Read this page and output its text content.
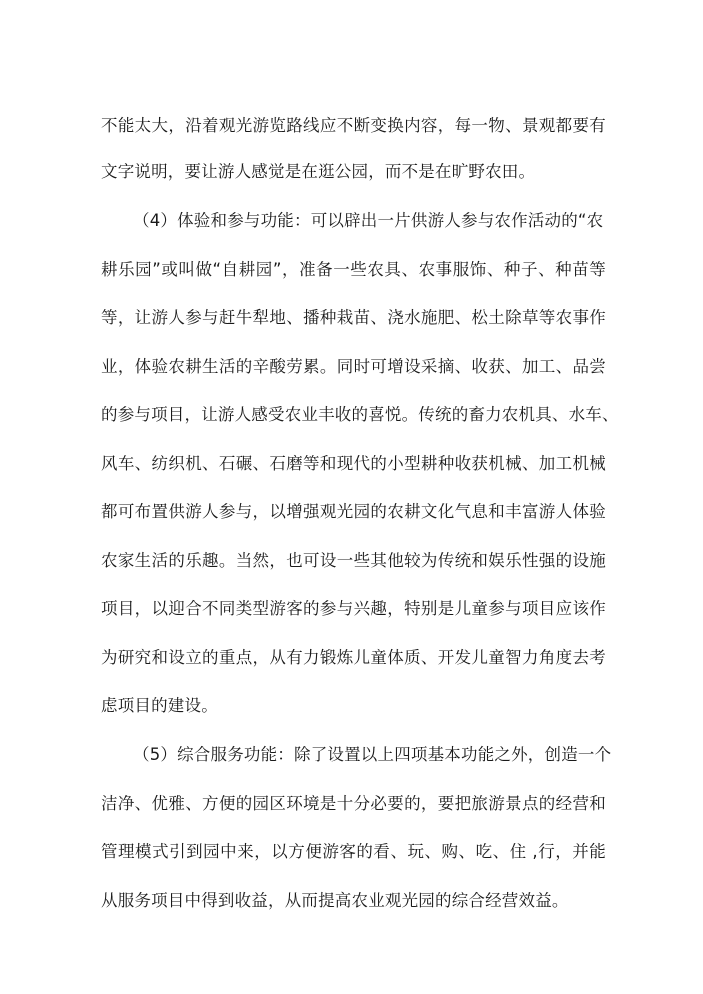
不能太大，沿着观光游览路线应不断变换内容，每一物、景观都要有
文字说明，要让游人感觉是在逛公园，而不是在旷野农田。
（4）体验和参与功能：可以辟出一片供游人参与农作活动的“农
耕乐园”或叫做“自耕园”，准备一些农具、农事服饰、种子、种苗等
等，让游人参与赶牛犁地、播种栽苗、浇水施肥、松土除草等农事作
业，体验农耕生活的辛酸劳累。同时可增设采摘、收获、加工、品尝
的参与项目，让游人感受农业丰收的喜悦。传统的畜力农机具、水车、
风车、纺织机、石碾、石磨等和现代的小型耕种收获机械、加工机械
都可布置供游人参与，以增强观光园的农耕文化气息和丰富游人体验
农家生活的乐趣。当然，也可设一些其他较为传统和娱乐性强的设施
项目，以迎合不同类型游客的参与兴趣，特别是儿童参与项目应该作
为研究和设立的重点，从有力锻炼儿童体质、开发儿童智力角度去考
虑项目的建设。
（5）综合服务功能：除了设置以上四项基本功能之外，创造一个
洁净、优雅、方便的园区环境是十分必要的，要把旅游景点的经营和
管理模式引到园中来，以方便游客的看、玩、购、吃、住 ,行，并能
从服务项目中得到收益，从而提高农业观光园的综合经营效益。
